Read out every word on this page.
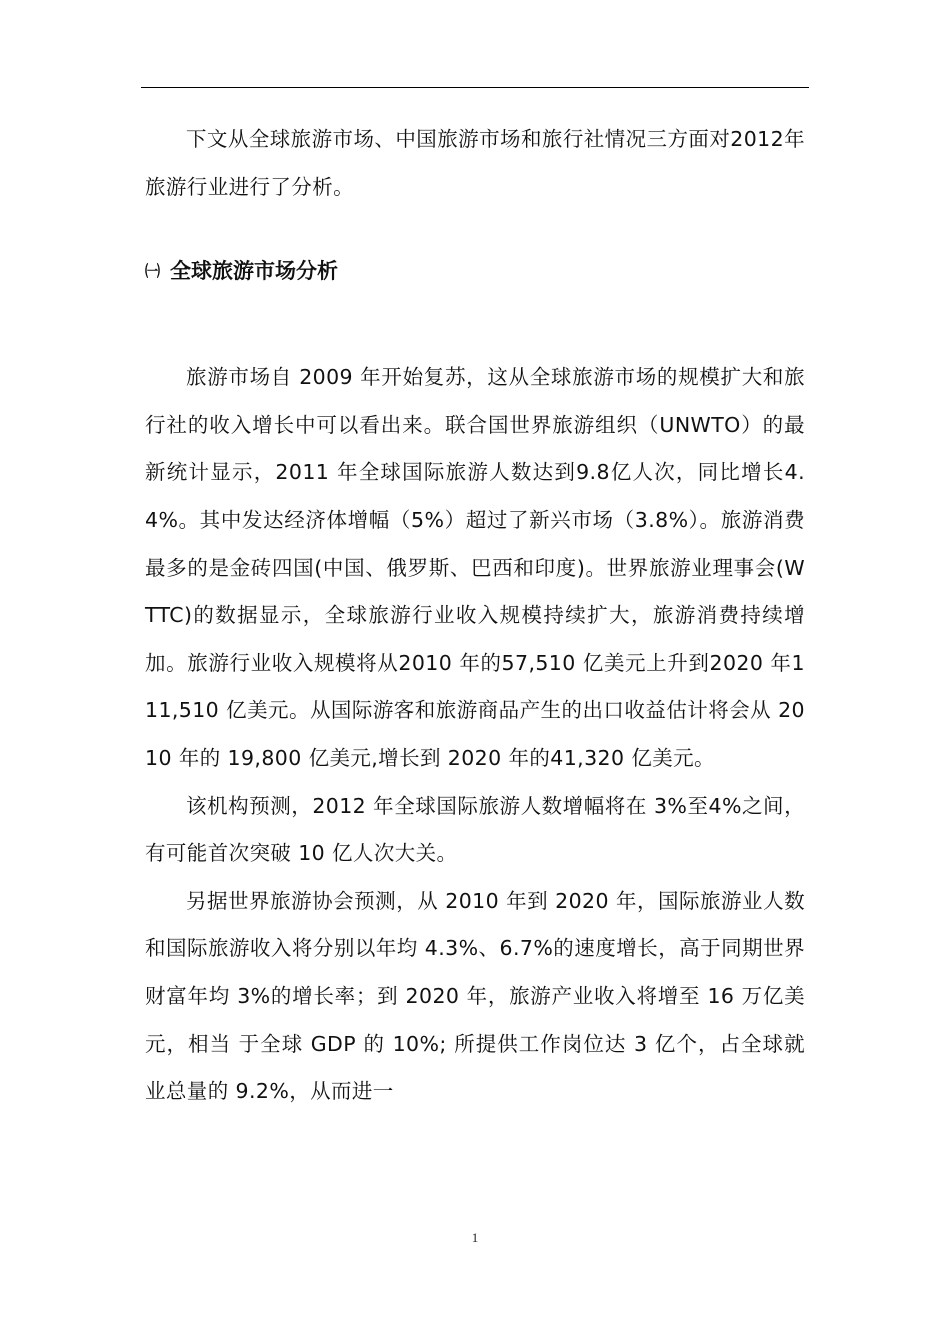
下文从全球旅游市场、中国旅游市场和旅行社情况三方面对2012年旅游行业进行了分析。

㈠ 全球旅游市场分析

旅游市场自 2009 年开始复苏，这从全球旅游市场的规模扩大和旅行社的收入增长中可以看出来。联合国世界旅游组织（UNWTO）的最新统计显示，2011 年全球国际旅游人数达到9.8亿人次，同比增长4.4%。其中发达经济体增幅（5%）超过了新兴市场（3.8%）。旅游消费最多的是金砖四国(中国、俄罗斯、巴西和印度)。世界旅游业理事会(WTTC)的数据显示，全球旅游行业收入规模持续扩大，旅游消费持续增加。旅游行业收入规模将从2010 年的57,510 亿美元上升到2020 年111,510 亿美元。从国际游客和旅游商品产生的出口收益估计将会从 2010 年的 19,800 亿美元,增长到 2020 年的41,320 亿美元。

该机构预测，2012 年全球国际旅游人数增幅将在 3%至4%之间，有可能首次突破 10 亿人次大关。

另据世界旅游协会预测，从 2010 年到 2020 年，国际旅游业人数和国际旅游收入将分别以年均 4.3%、6.7%的速度增长，高于同期世界财富年均 3%的增长率；到 2020 年，旅游产业收入将增至 16 万亿美元，相当 于全球 GDP 的 10%; 所提供工作岗位达 3 亿个，占全球就业总量的 9.2%，从而进一

1
